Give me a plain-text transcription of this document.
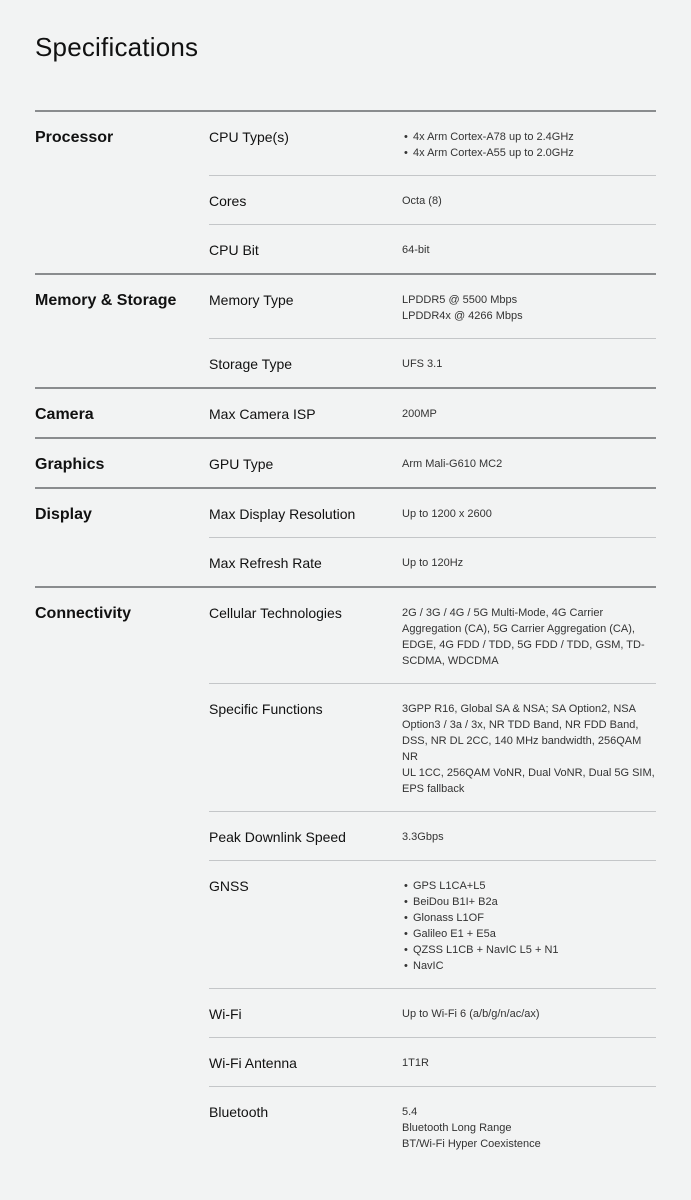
Specifications
Processor	CPU Type(s)	• 4x Arm Cortex-A78 up to 2.4GHz
• 4x Arm Cortex-A55 up to 2.0GHz
Cores	Octa (8)
CPU Bit	64-bit
Memory & Storage	Memory Type	LPDDR5 @ 5500 Mbps
LPDDR4x @ 4266 Mbps
Storage Type	UFS 3.1
Camera	Max Camera ISP	200MP
Graphics	GPU Type	Arm Mali-G610 MC2
Display	Max Display Resolution	Up to 1200 x 2600
Max Refresh Rate	Up to 120Hz
Connectivity	Cellular Technologies	2G / 3G / 4G / 5G Multi-Mode, 4G Carrier
Aggregation (CA), 5G Carrier Aggregation (CA),
EDGE, 4G FDD / TDD, 5G FDD / TDD, GSM, TD-
SCDMA, WDCDMA
Specific Functions	3GPP R16, Global SA & NSA; SA Option2, NSA
Option3 / 3a / 3x, NR TDD Band, NR FDD Band,
DSS, NR DL 2CC, 140 MHz bandwidth, 256QAM NR
UL 1CC, 256QAM VoNR, Dual VoNR, Dual 5G SIM,
EPS fallback
Peak Downlink Speed	3.3Gbps
GNSS	• GPS L1CA+L5
• BeiDou B1I+ B2a
• Glonass L1OF
• Galileo E1 + E5a
• QZSS L1CB + NavIC L5 + N1
• NavIC
Wi-Fi	Up to Wi-Fi 6 (a/b/g/n/ac/ax)
Wi-Fi Antenna	1T1R
Bluetooth	5.4
Bluetooth Long Range
BT/Wi-Fi Hyper Coexistence
